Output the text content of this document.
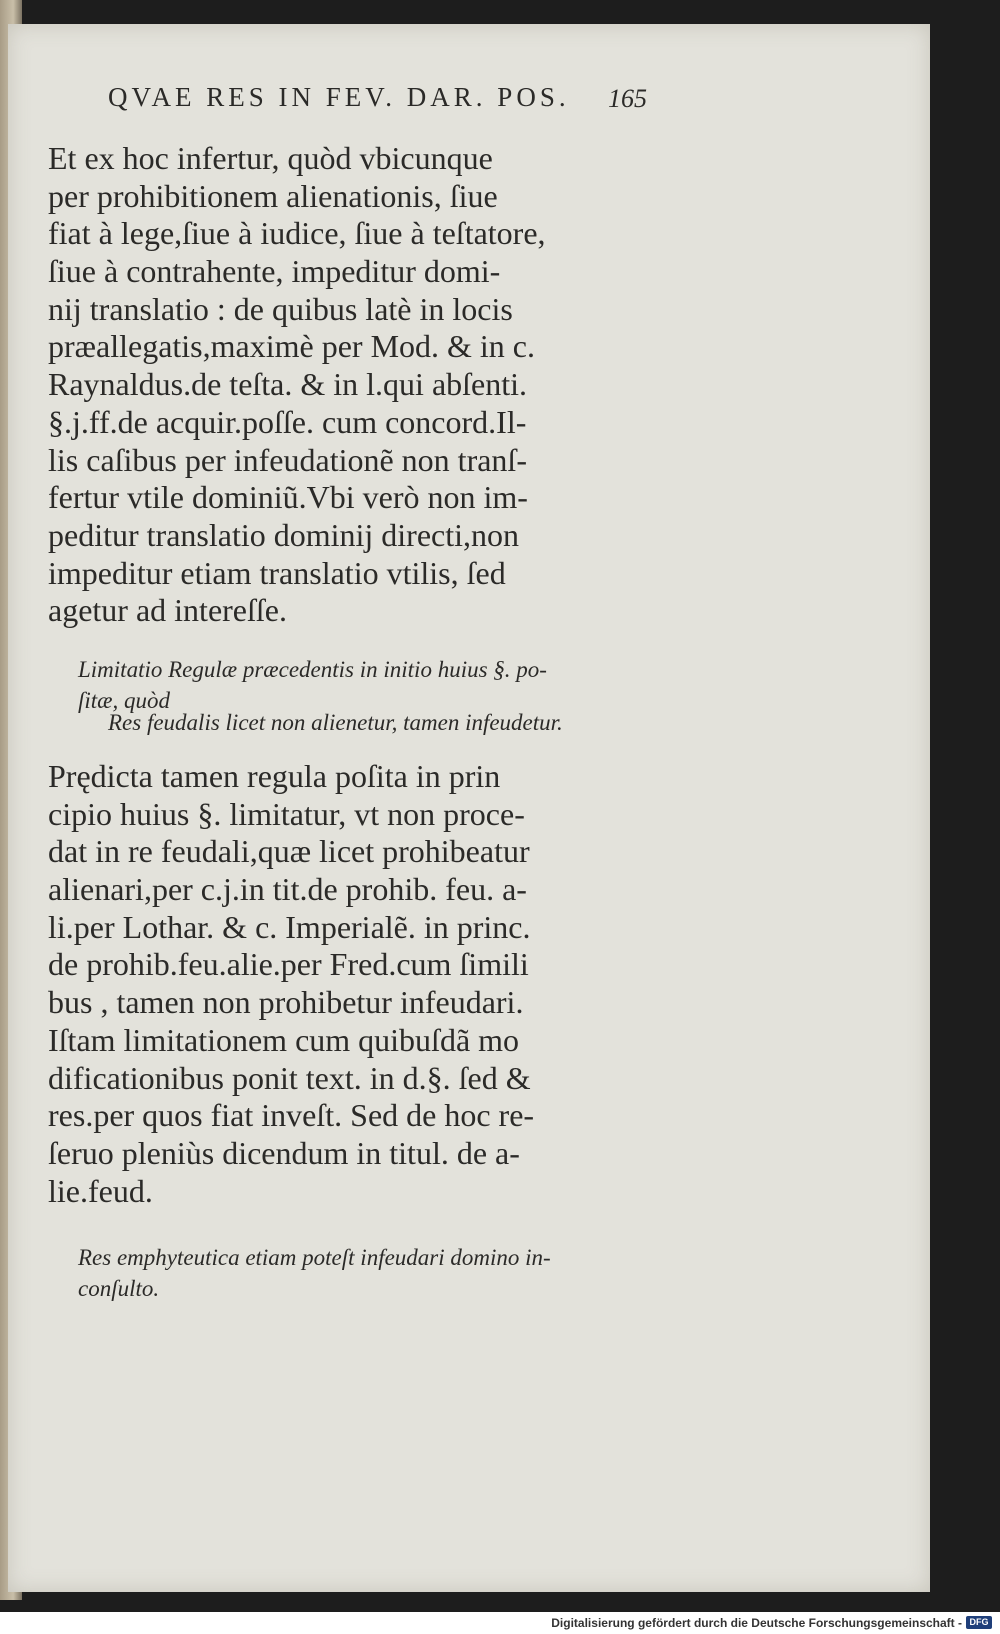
QVAE RES IN FEV. DAR. POS.	165
Et ex hoc infertur, quòd vbicunque
per prohibitionem alienationis, ſiue
fiat à lege,ſiue à iudice, ſiue à teſtatore,
ſiue à contrahente, impeditur domi-
nij translatio : de quibus latè in locis
præallegatis,maximè per Mod. & in c.
Raynaldus.de teſta. & in l.qui abſenti.
§.j.ff.de acquir.poſſe. cum concord.Il-
lis caſibus per infeudationẽ non tranſ-
fertur vtile dominiũ.Vbi verò non im-
peditur translatio dominij directi,non
impeditur etiam translatio vtilis, ſed
agetur ad intereſſe.
Limitatio Regulæ præcedentis in initio huius §. po-
ſitæ, quòd
Res feudalis licet non alienetur, tamen infeudetur.
Prędicta tamen regula poſita in prin
cipio huius §. limitatur, vt non proce-
dat in re feudali,quæ licet prohibeatur
alienari,per c.j.in tit.de prohib. feu. a-
li.per Lothar. & c. Imperialẽ. in princ.
de prohib.feu.alie.per Fred.cum ſimili
bus , tamen non prohibetur infeudari.
Iſtam limitationem cum quibuſdã mo
dificationibus ponit text. in d.§. ſed &
res.per quos fiat inveſt. Sed de hoc re-
ſeruo pleniùs dicendum in titul. de a-
lie.feud.
Res emphyteutica etiam poteſt infeudari domino in-
conſulto.
Digitalisierung gefördert durch die Deutsche Forschungsgemeinschaft - DFG
